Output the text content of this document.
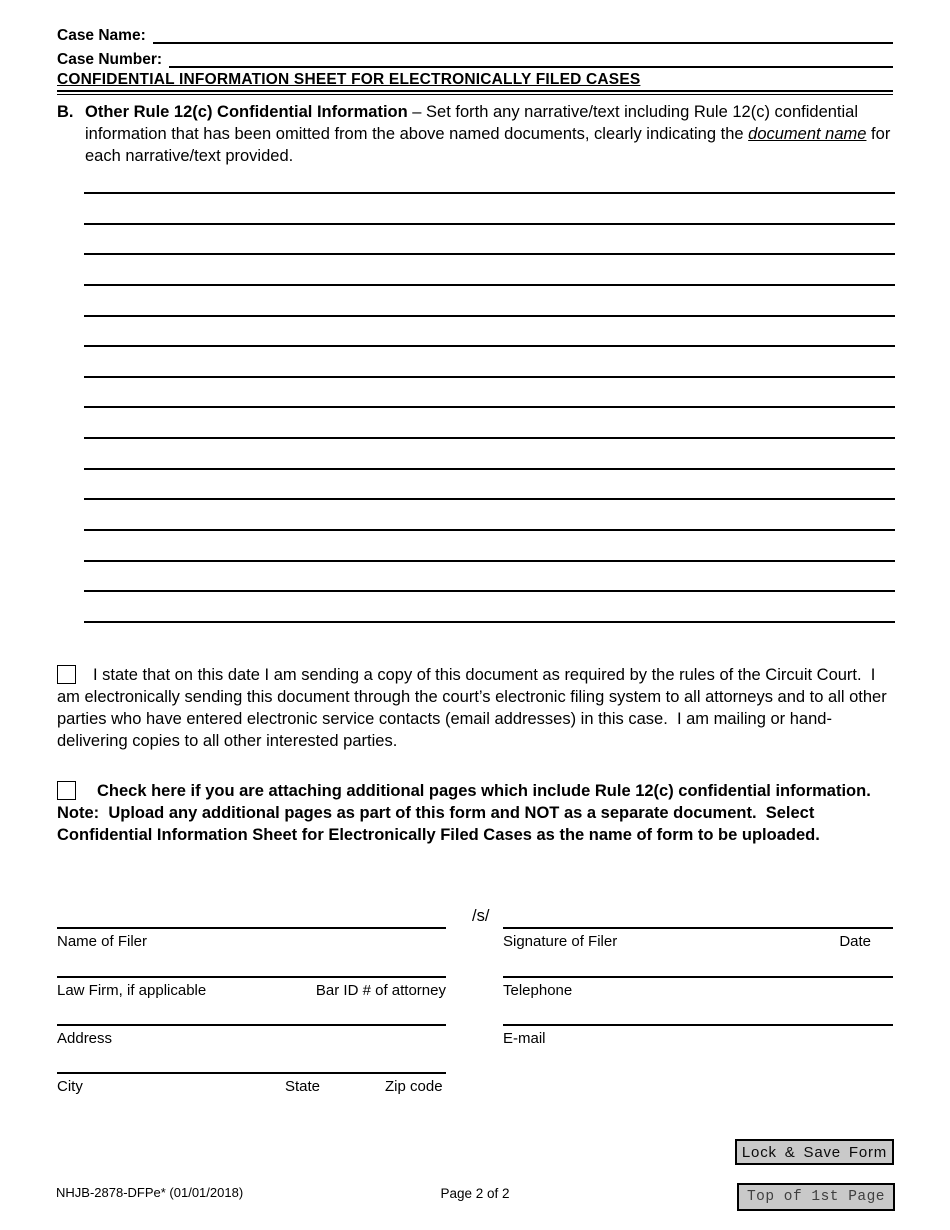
Case Name:
Case Number:
CONFIDENTIAL INFORMATION SHEET FOR ELECTRONICALLY FILED CASES
B. Other Rule 12(c) Confidential Information – Set forth any narrative/text including Rule 12(c) confidential information that has been omitted from the above named documents, clearly indicating the document name for each narrative/text provided.
I state that on this date I am sending a copy of this document as required by the rules of the Circuit Court.  I am electronically sending this document through the court’s electronic filing system to all attorneys and to all other parties who have entered electronic service contacts (email addresses) in this case.  I am mailing or hand-delivering copies to all other interested parties.
Check here if you are attaching additional pages which include Rule 12(c) confidential information.  Note:  Upload any additional pages as part of this form and NOT as a separate document.  Select Confidential Information Sheet for Electronically Filed Cases as the name of form to be uploaded.
/s/
Name of Filer	Signature of Filer	Date
Law Firm, if applicable	Bar ID # of attorney	Telephone
Address	E-mail
City	State	Zip code
NHJB-2878-DFPe* (01/01/2018)	Page 2 of 2
Lock & Save Form
Top of 1st Page
